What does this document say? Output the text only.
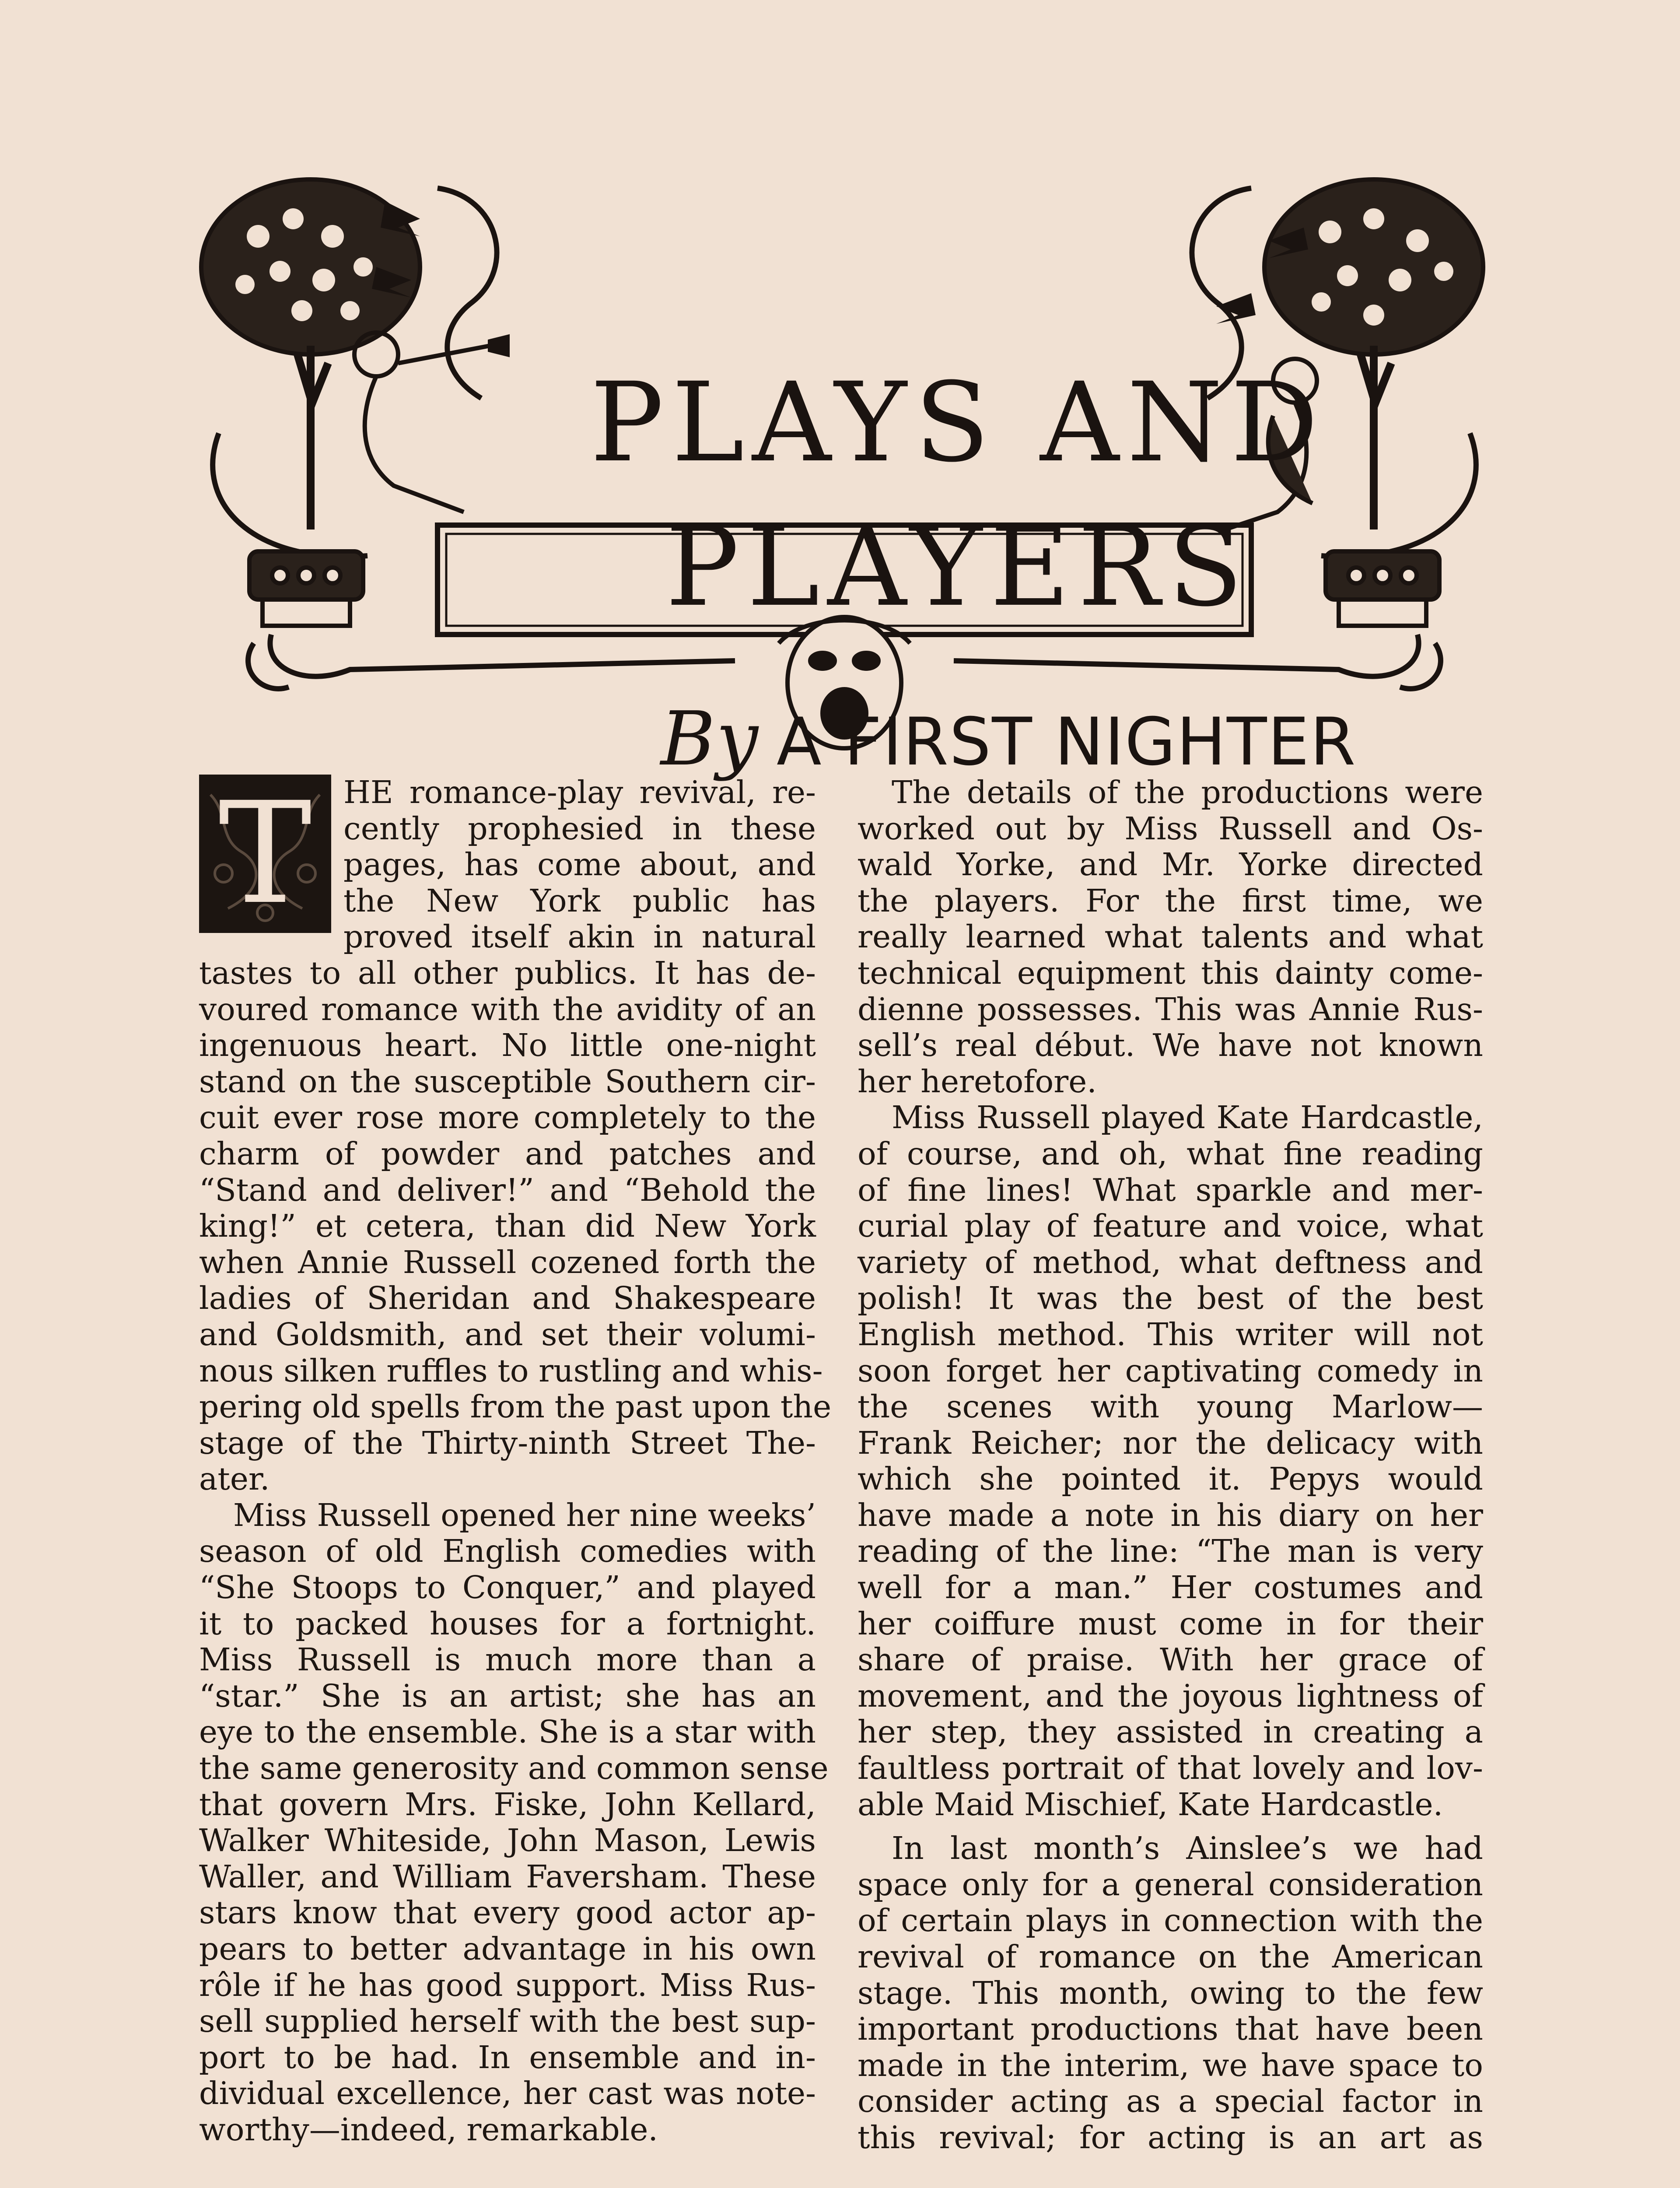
PLAYS AND
PLAYERS
By A FIRST NIGHTER
T	HE romance-play revival, re-
cently prophesied in these
pages, has come about, and
the New York public has
proved itself akin in natural
tastes to all other publics. It has de-
voured romance with the avidity of an
ingenuous heart. No little one-night
stand on the susceptible Southern cir-
cuit ever rose more completely to the
charm of powder and patches and
“Stand and deliver!” and “Behold the
king!” et cetera, than did New York
when Annie Russell cozened forth the
ladies of Sheridan and Shakespeare
and Goldsmith, and set their volumi-
nous silken ruffles to rustling and whis-
pering old spells from the past upon the
stage of the Thirty-ninth Street The-
ater.
Miss Russell opened her nine weeks’
season of old English comedies with
“She Stoops to Conquer,” and played
it to packed houses for a fortnight.
Miss Russell is much more than a
“star.” She is an artist; she has an
eye to the ensemble. She is a star with
the same generosity and common sense
that govern Mrs. Fiske, John Kellard,
Walker Whiteside, John Mason, Lewis
Waller, and William Faversham. These
stars know that every good actor ap-
pears to better advantage in his own
rôle if he has good support. Miss Rus-
sell supplied herself with the best sup-
port to be had. In ensemble and in-
dividual excellence, her cast was note-
worthy—indeed, remarkable.
The details of the productions were
worked out by Miss Russell and Os-
wald Yorke, and Mr. Yorke directed
the players. For the first time, we
really learned what talents and what
technical equipment this dainty come-
dienne possesses. This was Annie Rus-
sell’s real début. We have not known
her heretofore.
Miss Russell played Kate Hardcastle,
of course, and oh, what fine reading
of fine lines! What sparkle and mer-
curial play of feature and voice, what
variety of method, what deftness and
polish! It was the best of the best
English method. This writer will not
soon forget her captivating comedy in
the scenes with young Marlow—
Frank Reicher; nor the delicacy with
which she pointed it. Pepys would
have made a note in his diary on her
reading of the line: “The man is very
well for a man.” Her costumes and
her coiffure must come in for their
share of praise. With her grace of
movement, and the joyous lightness of
her step, they assisted in creating a
faultless portrait of that lovely and lov-
able Maid Mischief, Kate Hardcastle.
In last month’s Ainslee’s we had
space only for a general consideration
of certain plays in connection with the
revival of romance on the American
stage. This month, owing to the few
important productions that have been
made in the interim, we have space to
consider acting as a special factor in
this revival; for acting is an art as
